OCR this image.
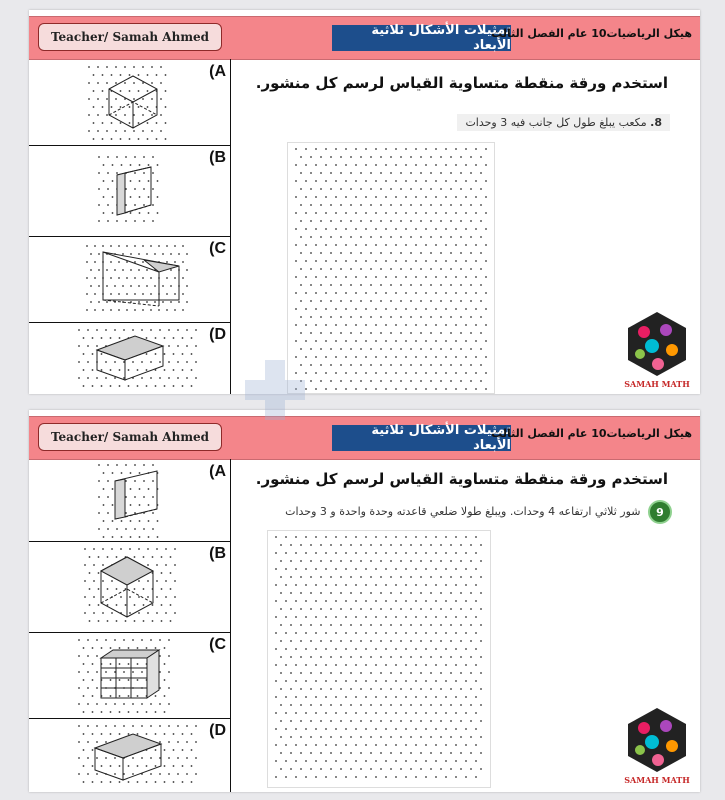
Teacher/ Samah Ahmed	تمثيلات الأشكال ثلاثية الأبعاد
هيكل الرياضيات10 عام الفصل الثالث
(A
(B
(C
(D
استخدم ورقة منقطة متساوية القياس لرسم كل منشور.
8. مكعب يبلغ طول كل جانب فيه 3 وحدات
SAMAH MATH
Teacher/ Samah Ahmed	تمثيلات الأشكال ثلاثية الأبعاد
هيكل الرياضيات10 عام الفصل الثالث
(A
(B
(C
(D
استخدم ورقة منقطة متساوية القياس لرسم كل منشور.
9 شور ثلاثي ارتفاعه 4 وحدات. ويبلغ طولا ضلعي قاعدته وحدة واحدة و 3 وحدات
SAMAH MATH
